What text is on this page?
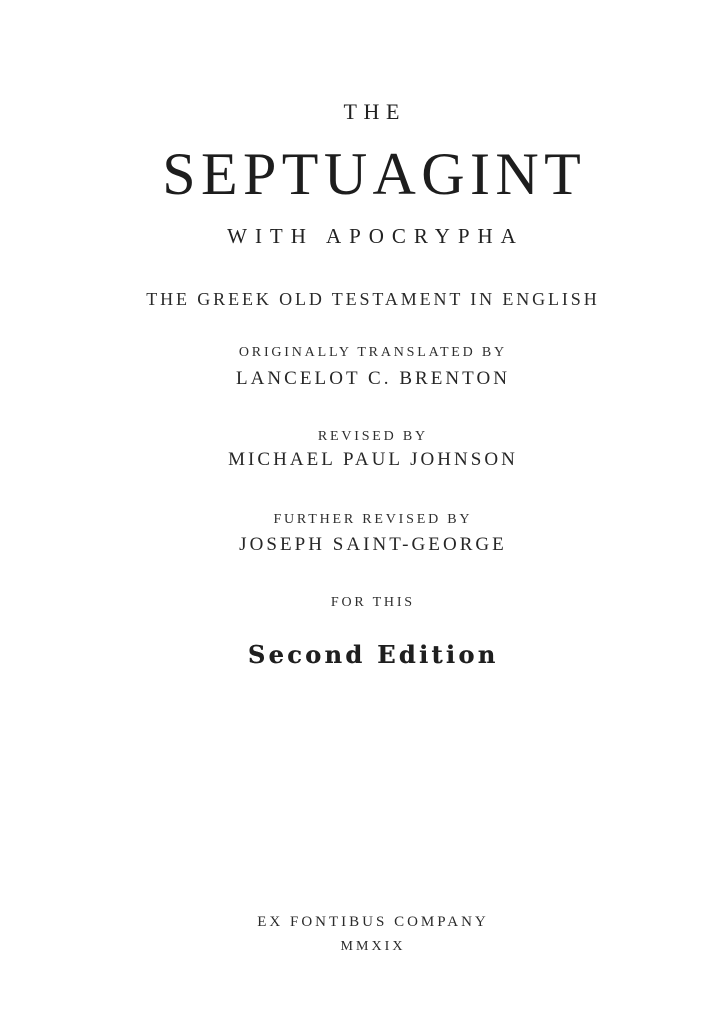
THE
SEPTUAGINT
WITH APOCRYPHA
THE GREEK OLD TESTAMENT IN ENGLISH
ORIGINALLY TRANSLATED BY
LANCELOT C. BRENTON
REVISED BY
MICHAEL PAUL JOHNSON
FURTHER REVISED BY
JOSEPH SAINT-GEORGE
FOR THIS
Second Edition
EX FONTIBUS COMPANY
MMXIX
